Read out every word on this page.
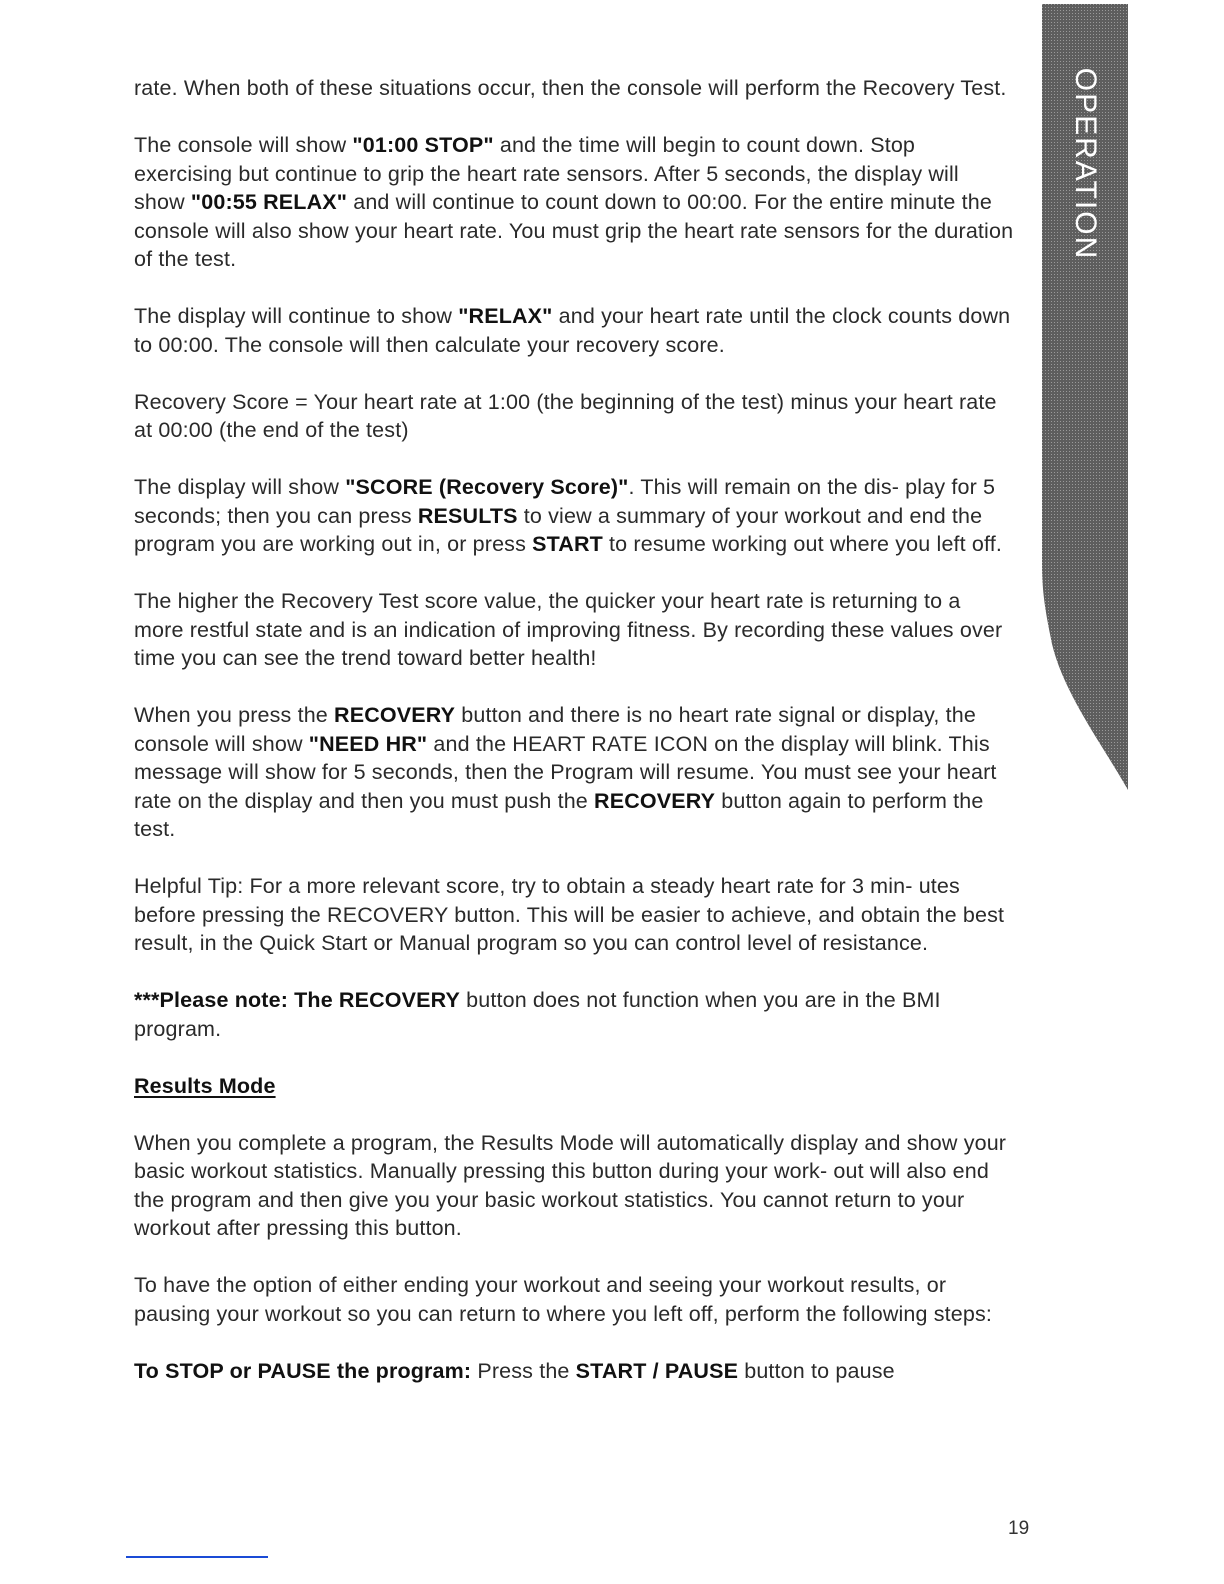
rate. When both of these situations occur, then the console will perform the Recovery Test.

The console will show "01:00 STOP" and the time will begin to count down. Stop exercising but continue to grip the heart rate sensors. After 5 seconds, the display will show "00:55 RELAX" and will continue to count down to 00:00. For the entire minute the console will also show your heart rate. You must grip the heart rate sensors for the duration of the test.

The display will continue to show "RELAX" and your heart rate until the clock counts down to 00:00. The console will then calculate your recovery score.

Recovery Score = Your heart rate at 1:00 (the beginning of the test) minus your heart rate at 00:00 (the end of the test)

The display will show "SCORE (Recovery Score)". This will remain on the dis- play for 5 seconds; then you can press RESULTS to view a summary of your workout and end the program you are working out in, or press START to resume working out where you left off.

The higher the Recovery Test score value, the quicker your heart rate is returning to a more restful state and is an indication of improving fitness. By recording these values over time you can see the trend toward better health!

When you press the RECOVERY button and there is no heart rate signal or display, the console will show "NEED HR" and the HEART RATE ICON on the display will blink. This message will show for 5 seconds, then the Program will resume. You must see your heart rate on the display and then you must push the RECOVERY button again to perform the test.

Helpful Tip: For a more relevant score, try to obtain a steady heart rate for 3 min- utes before pressing the RECOVERY button. This will be easier to achieve, and obtain the best result, in the Quick Start or Manual program so you can control level of resistance.

***Please note: The RECOVERY button does not function when you are in the BMI program.

Results Mode

When you complete a program, the Results Mode will automatically display and show your basic workout statistics. Manually pressing this button during your work- out will also end the program and then give you your basic workout statistics. You cannot return to your workout after pressing this button.

To have the option of either ending your workout and seeing your workout results, or pausing your workout so you can return to where you left off, perform the following steps:

To STOP or PAUSE the program: Press the START / PAUSE button to pause

OPERATION
19
